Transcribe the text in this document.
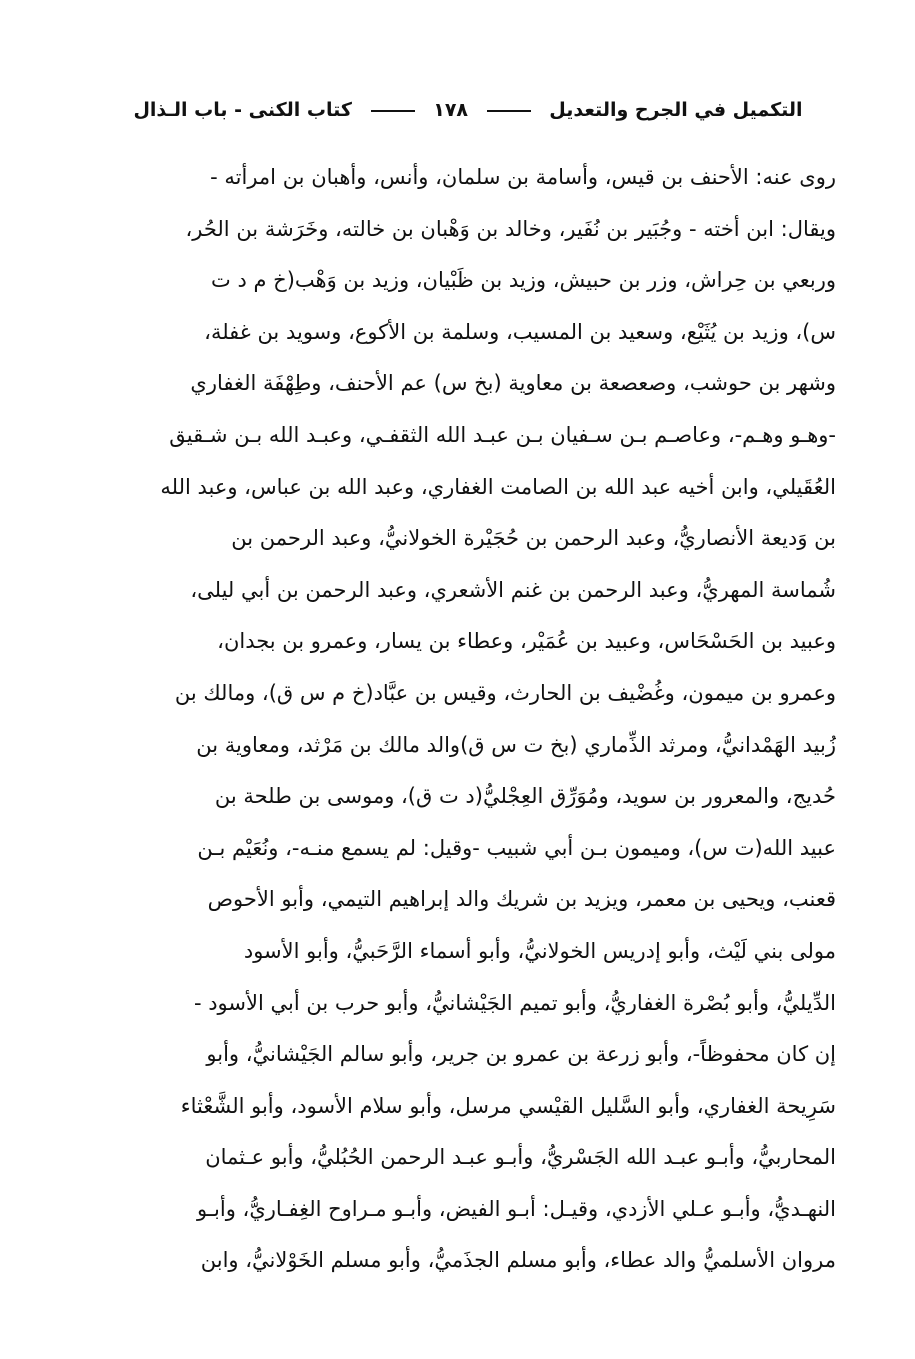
التكميل في الجرح والتعديل  ١٧٨  كتاب الكنى - باب الـذال
روى عنه: الأحنف بن قيس، وأسامة بن سلمان، وأنس، وأهبان بن امرأته -
ويقال: ابن أخته - وجُبَير بن نُفَير، وخالد بن وَهْبان بن خالته، وخَرَشة بن الحُر،
وربعي بن حِراش، وزر بن حبيش، وزيد بن ظَبْيان، وزيد بن وَهْب(خ م د ت
س)، وزيد بن يُثَيْع، وسعيد بن المسيب، وسلمة بن الأكوع، وسويد بن غفلة،
وشهر بن حوشب، وصعصعة بن معاوية (بخ س) عم الأحنف، وطِهْفَة الغفاري
-وهـو وهـم-، وعاصـم بـن سـفيان بـن عبـد الله الثقفـي، وعبـد الله بـن شـقيق
العُقَيلي، وابن أخيه عبد الله بن الصامت الغفاري، وعبد الله بن عباس، وعبد الله
بن وَديعة الأنصاريُّ، وعبد الرحمن بن حُجَيْرة الخولانيُّ، وعبد الرحمن بن
شُماسة المهريُّ، وعبد الرحمن بن غنم الأشعري، وعبد الرحمن بن أبي ليلى،
وعبيد بن الحَسْحَاس، وعبيد بن عُمَيْر، وعطاء بن يسار، وعمرو بن بجدان،
وعمرو بن ميمون، وغُضْيف بن الحارث، وقيس بن عبَّاد(خ م س ق)، ومالك بن
زُبيد الهَمْدانيُّ، ومرثد الذِّماري (بخ ت س ق)والد مالك بن مَرْثد، ومعاوية بن
حُديج، والمعرور بن سويد، ومُوَرِّق العِجْليُّ(د ت ق)، وموسى بن طلحة بن
عبيد الله(ت س)، وميمون بـن أبي شبيب -وقيل: لم يسمع منـه-، ونُعَيْم بـن
قعنب، ويحيى بن معمر، ويزيد بن شريك والد إبراهيم التيمي، وأبو الأحوص
مولى بني لَيْث، وأبو إدريس الخولانيُّ، وأبو أسماء الرَّحَبيُّ، وأبو الأسود
الدِّيليُّ، وأبو بُصْرة الغفاريُّ، وأبو تميم الجَيْشانيُّ، وأبو حرب بن أبي الأسود -
إن كان محفوظاً-، وأبو زرعة بن عمرو بن جرير، وأبو سالم الجَيْشانيُّ، وأبو
سَرِيحة الغفاري، وأبو السَّليل القيْسي مرسل، وأبو سلام الأسود، وأبو الشَّعْثاء
المحاربيُّ، وأبـو عبـد الله الجَسْريُّ، وأبـو عبـد الرحمن الحُبُليُّ، وأبو عـثمان
النهـديُّ، وأبـو عـلي الأزدي، وقيـل: أبـو الفيض، وأبـو مـراوح الغِفـاريُّ، وأبـو
مروان الأسلميُّ والد عطاء، وأبو مسلم الجذَميُّ، وأبو مسلم الخَوْلانيُّ، وابن
